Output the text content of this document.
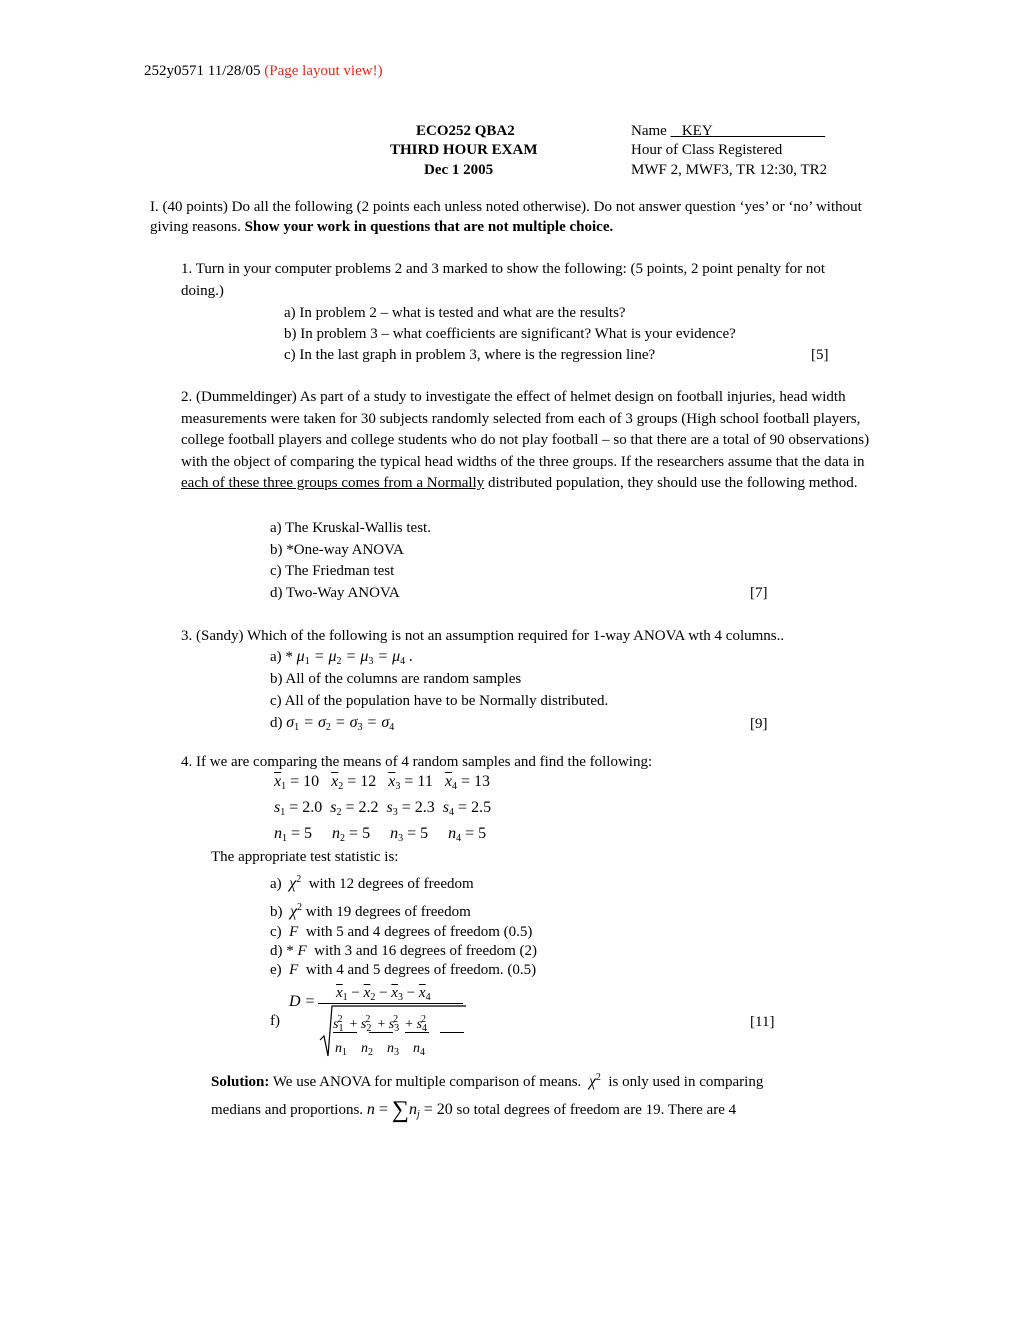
252y0571 11/28/05 (Page layout view!)
ECO252 QBA2
THIRD HOUR EXAM
Dec 1 2005
Name KEY
Hour of Class Registered
MWF 2, MWF3, TR 12:30, TR2
I. (40 points) Do all the following (2 points each unless noted otherwise). Do not answer question ‘yes’ or ‘no’ without giving reasons. Show your work in questions that are not multiple choice.
1. Turn in your computer problems 2 and 3 marked to show the following: (5 points, 2 point penalty for not doing.)
a) In problem 2 – what is tested and what are the results?
b) In problem 3 – what coefficients are significant? What is your evidence?
c) In the last graph in problem 3, where is the regression line?	[5]
2. (Dummeldinger) As part of a study to investigate the effect of helmet design on football injuries, head width measurements were taken for 30 subjects randomly selected from each of 3 groups (High school football players, college football players and college students who do not play football – so that there are a total of 90 observations) with the object of comparing the typical head widths of the three groups. If the researchers assume that the data in each of these three groups comes from a Normally distributed population, they should use the following method.
a) The Kruskal-Wallis test.
b) *One-way ANOVA
c) The Friedman test
d) Two-Way ANOVA	[7]
3. (Sandy) Which of the following is not an assumption required for 1-way ANOVA wth 4 columns..
$a) * \mu_1 = \mu_2 = \mu_3 = \mu_4$ .
b) All of the columns are random samples
c) All of the population have to be Normally distributed.
d) $\sigma_1 = \sigma_2 = \sigma_3 = \sigma_4$	[9]
4. If we are comparing the means of 4 random samples and find the following:
$\overline{x}_1 = 10$ $\overline{x}_2 = 12$ $\overline{x}_3 = 11$ $\overline{x}_4 = 13$
$s_1 = 2.0$ $s_2 = 2.2$ $s_3 = 2.3$ $s_4 = 2.5$
$n_1 = 5$ $n_2 = 5$ $n_3 = 5$ $n_4 = 5$
The appropriate test statistic is:
a)  $\chi^2$ with 12 degrees of freedom
b)  $\chi^2$ with 19 degrees of freedom
c)  F with 5 and 4 degrees of freedom (0.5)
d) * F with 3 and 16 degrees of freedom (2)
e)  F with 4 and 5 degrees of freedom. (0.5)
f)
$D = \overline{x}_1 - \overline{x}_2 - \overline{x}_3 - \overline{x}_4$
$s_1^2 + s_2^2 + s_3^2 + s_4^2$
$n_1$ $n_2$ $n_3$ $n_4$
[11]
Solution: We use ANOVA for multiple comparison of means. $\chi^2$ is only used in comparing
medians and proportions. $n = \sum n_j = 20$ so total degrees of freedom are 19. There are 4
